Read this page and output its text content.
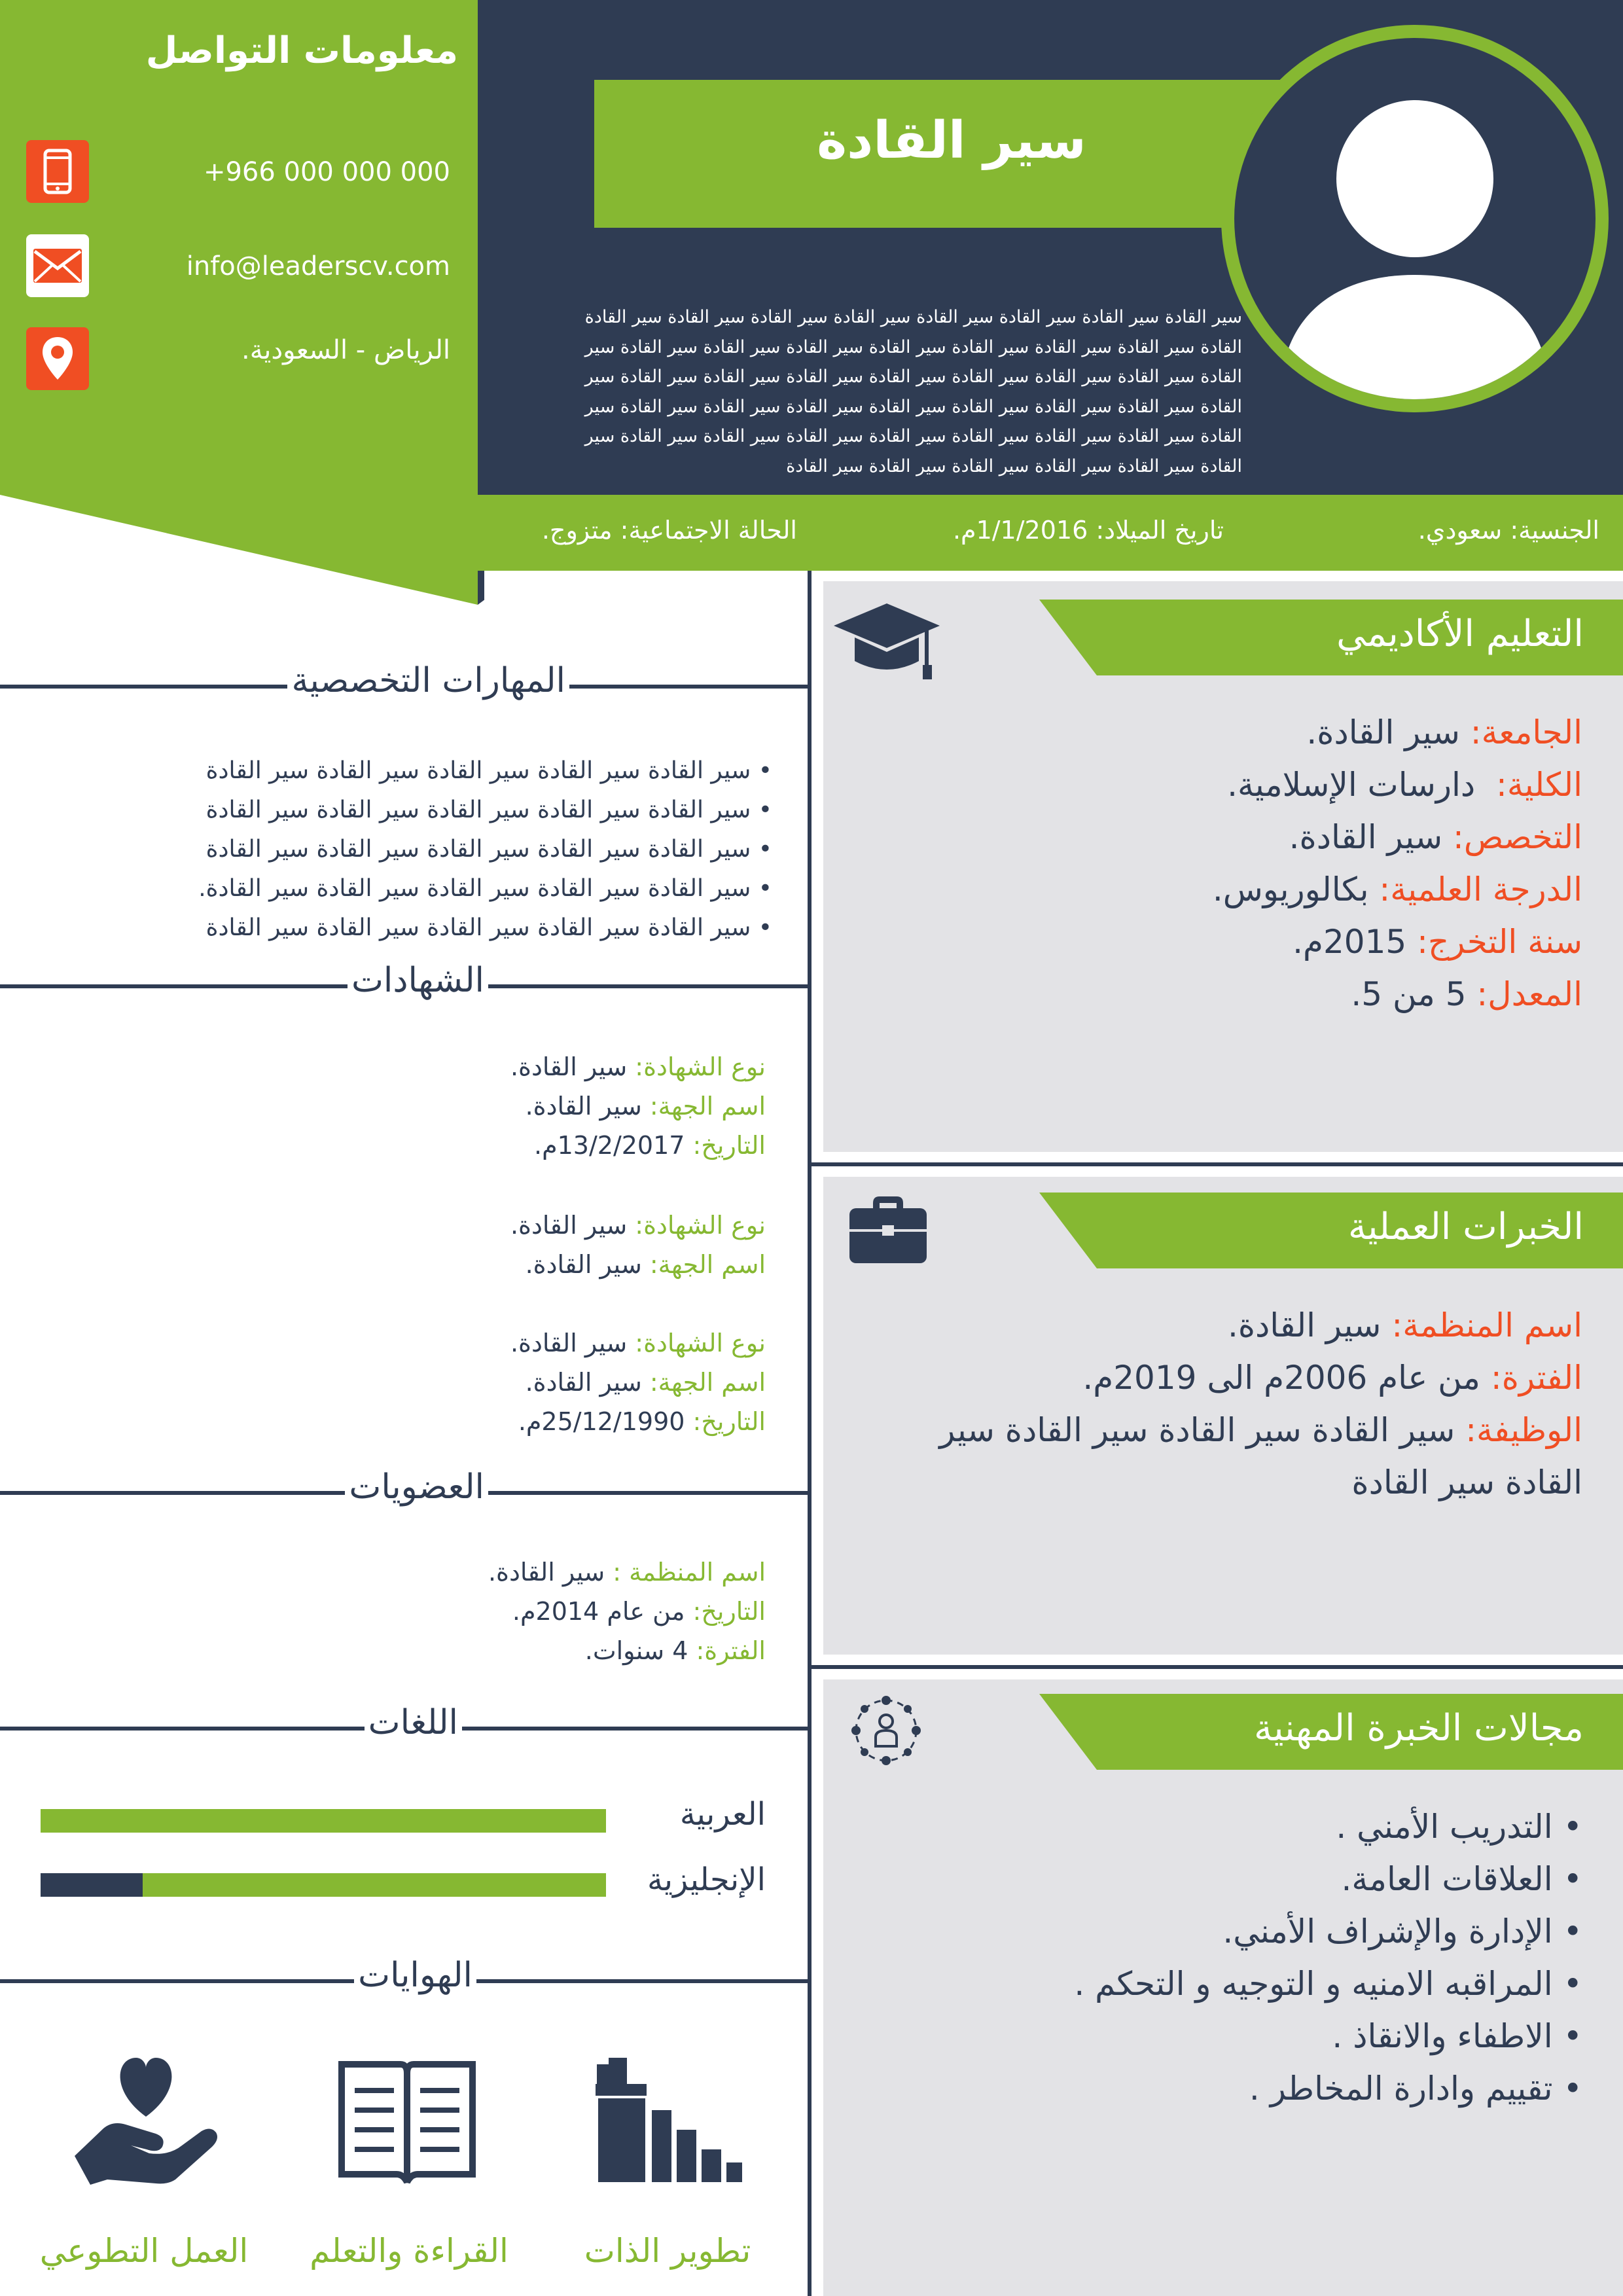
معلومات التواصل
+966 000 000 000
info@leaderscv.com
الرياض - السعودية.
سير القادة
سير القادة سير القادة سير القادة سير القادة سير القادة سير القادة سير القادة سير القادة
القادة سير القادة سير القادة سير القادة سير القادة سير القادة سير القادة سير القادة سير
القادة سير القادة سير القادة سير القادة سير القادة سير القادة سير القادة سير القادة سير
القادة سير القادة سير القادة سير القادة سير القادة سير القادة سير القادة سير القادة سير
القادة سير القادة سير القادة سير القادة سير القادة سير القادة سير القادة سير القادة سير
القادة سير القادة سير القادة سير القادة سير القادة سير القادة
الجنسية: سعودي.
تاريخ الميلاد: 1/1/2016م.
الحالة الاجتماعية: متزوج.
المهارات التخصصية
• سير القادة سير القادة سير القادة سير القادة سير القادة
• سير القادة سير القادة سير القادة سير القادة سير القادة
• سير القادة سير القادة سير القادة سير القادة سير القادة
• سير القادة سير القادة سير القادة سير القادة سير القادة.
• سير القادة سير القادة سير القادة سير القادة سير القادة
الشهادات
نوع الشهادة: سير القادة.
اسم الجهة: سير القادة.
التاريخ: 13/2/2017م.
نوع الشهادة: سير القادة.
اسم الجهة: سير القادة.
نوع الشهادة: سير القادة.
اسم الجهة: سير القادة.
التاريخ: 25/12/1990م.
العضويات
اسم المنظمة : سير القادة.
التاريخ: من عام 2014م.
الفترة: 4 سنوات.
اللغات
العربية
الإنجليزية
الهوايات
تطوير الذات
القراءة والتعلم
العمل التطوعي
التعليم الأكاديمي
الجامعة: سير القادة.
الكلية:  دارسات الإسلامية.
التخصص: سير القادة.
الدرجة العلمية: بكالوريوس.
سنة التخرج: 2015م.
المعدل: 5 من 5.
الخبرات العملية
اسم المنظمة: سير القادة.
الفترة: من عام 2006م الى 2019م.
الوظيفة: سير القادة سير القادة سير القادة سير
القادة سير القادة
مجالات الخبرة المهنية
• التدريب الأمني .
• العلاقات العامة.
• الإدارة والإشراف الأمني.
• المراقبه الامنيه و التوجيه و التحكم .
• الاطفاء والانقاذ .
• تقييم وادارة المخاطر .
